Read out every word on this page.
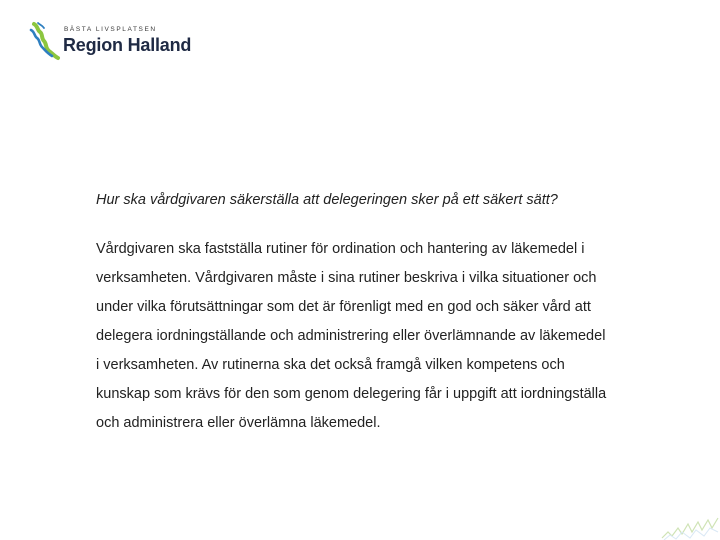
BÄSTA LIVSPLATSEN
Region Halland

Hur ska vårdgivaren säkerställa att delegeringen sker på ett säkert sätt?

Vårdgivaren ska fastställa rutiner för ordination och hantering av läkemedel i
verksamheten. Vårdgivaren måste i sina rutiner beskriva i vilka situationer och
under vilka förutsättningar som det är förenligt med en god och säker vård att
delegera iordningställande och administrering eller överlämnande av läkemedel
i verksamheten. Av rutinerna ska det också framgå vilken kompetens och
kunskap som krävs för den som genom delegering får i uppgift att iordningställa
och administrera eller överlämna läkemedel.
